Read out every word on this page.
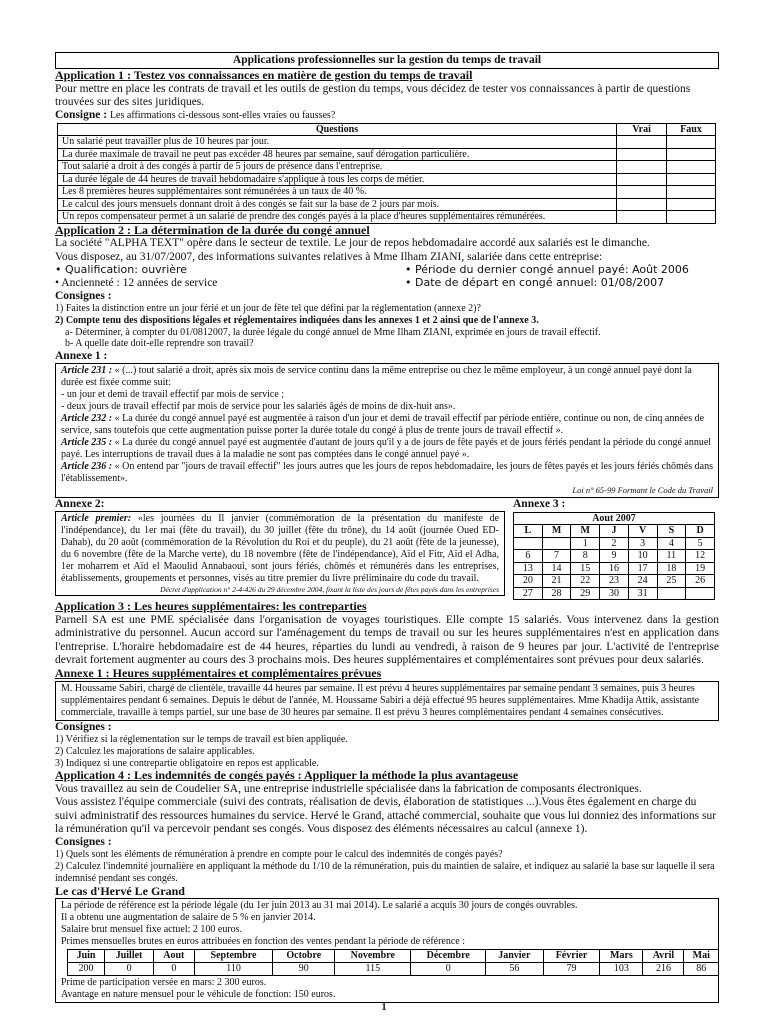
Applications professionnelles sur la gestion du temps de travail
Application 1 : Testez vos connaissances en matière de gestion du temps de travail
Pour mettre en place les contrats de travail et les outils de gestion du temps, vous décidez de tester vos connaissances à partir de questions trouvées sur des sites juridiques.
Consigne : Les affirmations ci-dessous sont-elles vraies ou fausses?
Questions	Vrai	Faux
Un salarié peut travailler plus de 10 heures par jour.		
La durée maximale de travail ne peut pas excéder 48 heures par semaine, sauf dérogation particulière.		
Tout salarié a droit à des congés à partir de 5 jours de présence dans l'entreprise.		
La durée légale de 44 heures de travail hebdomadaire s'applique à tous les corps de métier.		
Les 8 premières heures supplémentaires sont rémunérées à un taux de 40 %.		
Le calcul des jours mensuels donnant droit à des congés se fait sur la base de 2 jours par mois.		
Un repos compensateur permet à un salarié de prendre des congés payés à la place d'heures supplémentaires rémunérées.		
Application 2 : La détermination de la durée du congé annuel
La société "ALPHA TEXT" opère dans le secteur de textile. Le jour de repos hebdomadaire accordé aux salariés est le dimanche.
Vous disposez, au 31/07/2007, des informations suivantes relatives à Mme Ilham ZIANI, salariée dans cette entreprise:
• Qualification: ouvrière	• Période du dernier congé annuel payé: Août 2006
• Ancienneté : 12 années de service	• Date de départ en congé annuel: 01/08/2007
Consignes :
1) Faites la distinction entre un jour férié et un jour de fête tel que défini par la réglementation (annexe 2)?
2) Compte tenu des dispositions légales et réglementaires indiquées dans les annexes 1 et 2 ainsi que de l'annexe 3.
a- Déterminer, à compter du 01/0812007, la durée légale du congé annuel de Mme Ilham ZIANI, exprimée en jours de travail effectif.
b- A quelle date doit-elle reprendre son travail?
Annexe 1 :
Article 231 : « (...) tout salarié a droit, après six mois de service continu dans la même entreprise ou chez le même employeur, à un congé annuel payé dont la durée est fixée comme suit:
- un jour et demi de travail effectif par mois de service ;
- deux jours de travail effectif par mois de service pour les salariés âgés de moins de dix-huit ans».
Article 232 : « La durée du congé annuel payé est augmentée à raison d'un jour et demi de travail effectif par période entière, continue ou non, de cinq années de service, sans toutefois que cette augmentation puisse porter la durée totale du congé à plus de trente jours de travail effectif ».
Article 235 : « La durée du congé annuel payé est augmentée d'autant de jours qu'il y a de jours de fête payés et de jours fériés pendant la période du congé annuel payé. Les interruptions de travail dues à la maladie ne sont pas comptées dans le congé annuel payé ».
Article 236 : « On entend par "jours de travail effectif" les jours autres que les jours de repos hebdomadaire, les jours de fêtes payés et les jours fériés chômés dans l'établissement».
Loi n° 65-99 Formant le Code du Travail
Annexe 2:
Article premier: «les journées du Il janvier (commémoration de la présentation du manifeste de l'indépendance), du 1er mai (fête du travail), du 30 juillet (fête du trône), du 14 août (journée Oued ED-Dahab), du 20 août (commémoration de la Révolution du Roi et du peuple), du 21 août (fête de la jeunesse), du 6 novembre (fête de la Marche verte), du 18 novembre (fête de l'indépendance), Aïd el Fitr, Aïd el Adha, 1er moharrem et Aïd el Maoulid Annabaoui, sont jours fériés, chômés et rémunérés dans les entreprises, établissements, groupements et personnes, visés au titre premier du livre préliminaire du code du travail.
Décret d'application n° 2-4-426 du 29 décembre 2004, fixant la liste des jours de fêtes payés dans les entreprises
Annexe 3 :
Aout 2007						
L	M	M	J	V	S	D
		1	2	3	4	5
6	7	8	9	10	11	12
13	14	15	16	17	18	19
20	21	22	23	24	25	26
27	28	29	30	31		
Application 3 : Les heures supplémentaires: les contreparties
Parnell SA est une PME spécialisée dans l'organisation de voyages touristiques. Elle compte 15 salariés. Vous intervenez dans la gestion administrative du personnel. Aucun accord sur l'aménagement du temps de travail ou sur les heures supplémentaires n'est en application dans l'entreprise. L'horaire hebdomadaire est de 44 heures, réparties du lundi au vendredi, à raison de 9 heures par jour. L'activité de l'entreprise devrait fortement augmenter au cours des 3 prochains mois. Des heures supplémentaires et complémentaires sont prévues pour deux salariés.
Annexe 1 : Heures supplémentaires et complémentaires prévues
M. Houssame Sabiri, chargé de clientèle, travaille 44 heures par semaine. Il est prévu 4 heures supplémentaires par semaine pendant 3 semaines, puis 3 heures supplémentaires pendant 6 semaines. Depuis le début de l'année, M. Houssame Sabiri a déjà effectué 95 heures supplémentaires. Mme Khadija Attik, assistante commerciale, travaille à temps partiel, sur une base de 30 heures par semaine. Il est prévu 3 heures complémentaires pendant 4 semaines consécutives.
Consignes :
1) Vérifiez si la réglementation sur le temps de travail est bien appliquée.
2) Calculez les majorations de salaire applicables.
3) Indiquez si une contrepartie obligatoire en repos est applicable.
Application 4 : Les indemnités de congés payés : Appliquer la méthode la plus avantageuse
Vous travaillez au sein de Coudelier SA, une entreprise industrielle spécialisée dans la fabrication de composants électroniques.
Vous assistez l'équipe commerciale (suivi des contrats, réalisation de devis, élaboration de statistiques ...).Vous êtes également en charge du suivi administratif des ressources humaines du service. Hervé le Grand, attaché commercial, souhaite que vous lui donniez des informations sur la rémunération qu'il va percevoir pendant ses congés. Vous disposez des éléments nécessaires au calcul (annexe 1).
Consignes :
1) Quels sont les éléments de rémunération à prendre en compte pour le calcul des indemnités de congés payés?
2) Calculez l'indemnité journalière en appliquant la méthode du 1/10 de la rémunération, puis du maintien de salaire, et indiquez au salarié la base sur laquelle il sera indemnisé pendant ses congés.
Le cas d'Hervé Le Grand
La période de référence est la période légale (du 1er juin 2013 au 31 mai 2014). Le salarié a acquis 30 jours de congés ouvrables.
Il a obtenu une augmentation de salaire de 5 % en janvier 2014.
Salaire brut mensuel fixe actuel: 2 100 euros.
Primes mensuelles brutes en euros attribuées en fonction des ventes pendant la période de référence :
Juin	Juillet	Aout	Septembre	Octobre	Novembre	Décembre	Janvier	Février	Mars	Avril	Mai
200	0	0	110	90	115	0	56	79	103	216	86
Prime de participation versée en mars: 2 300 euros.
Avantage en nature mensuel pour le véhicule de fonction: 150 euros.
1
